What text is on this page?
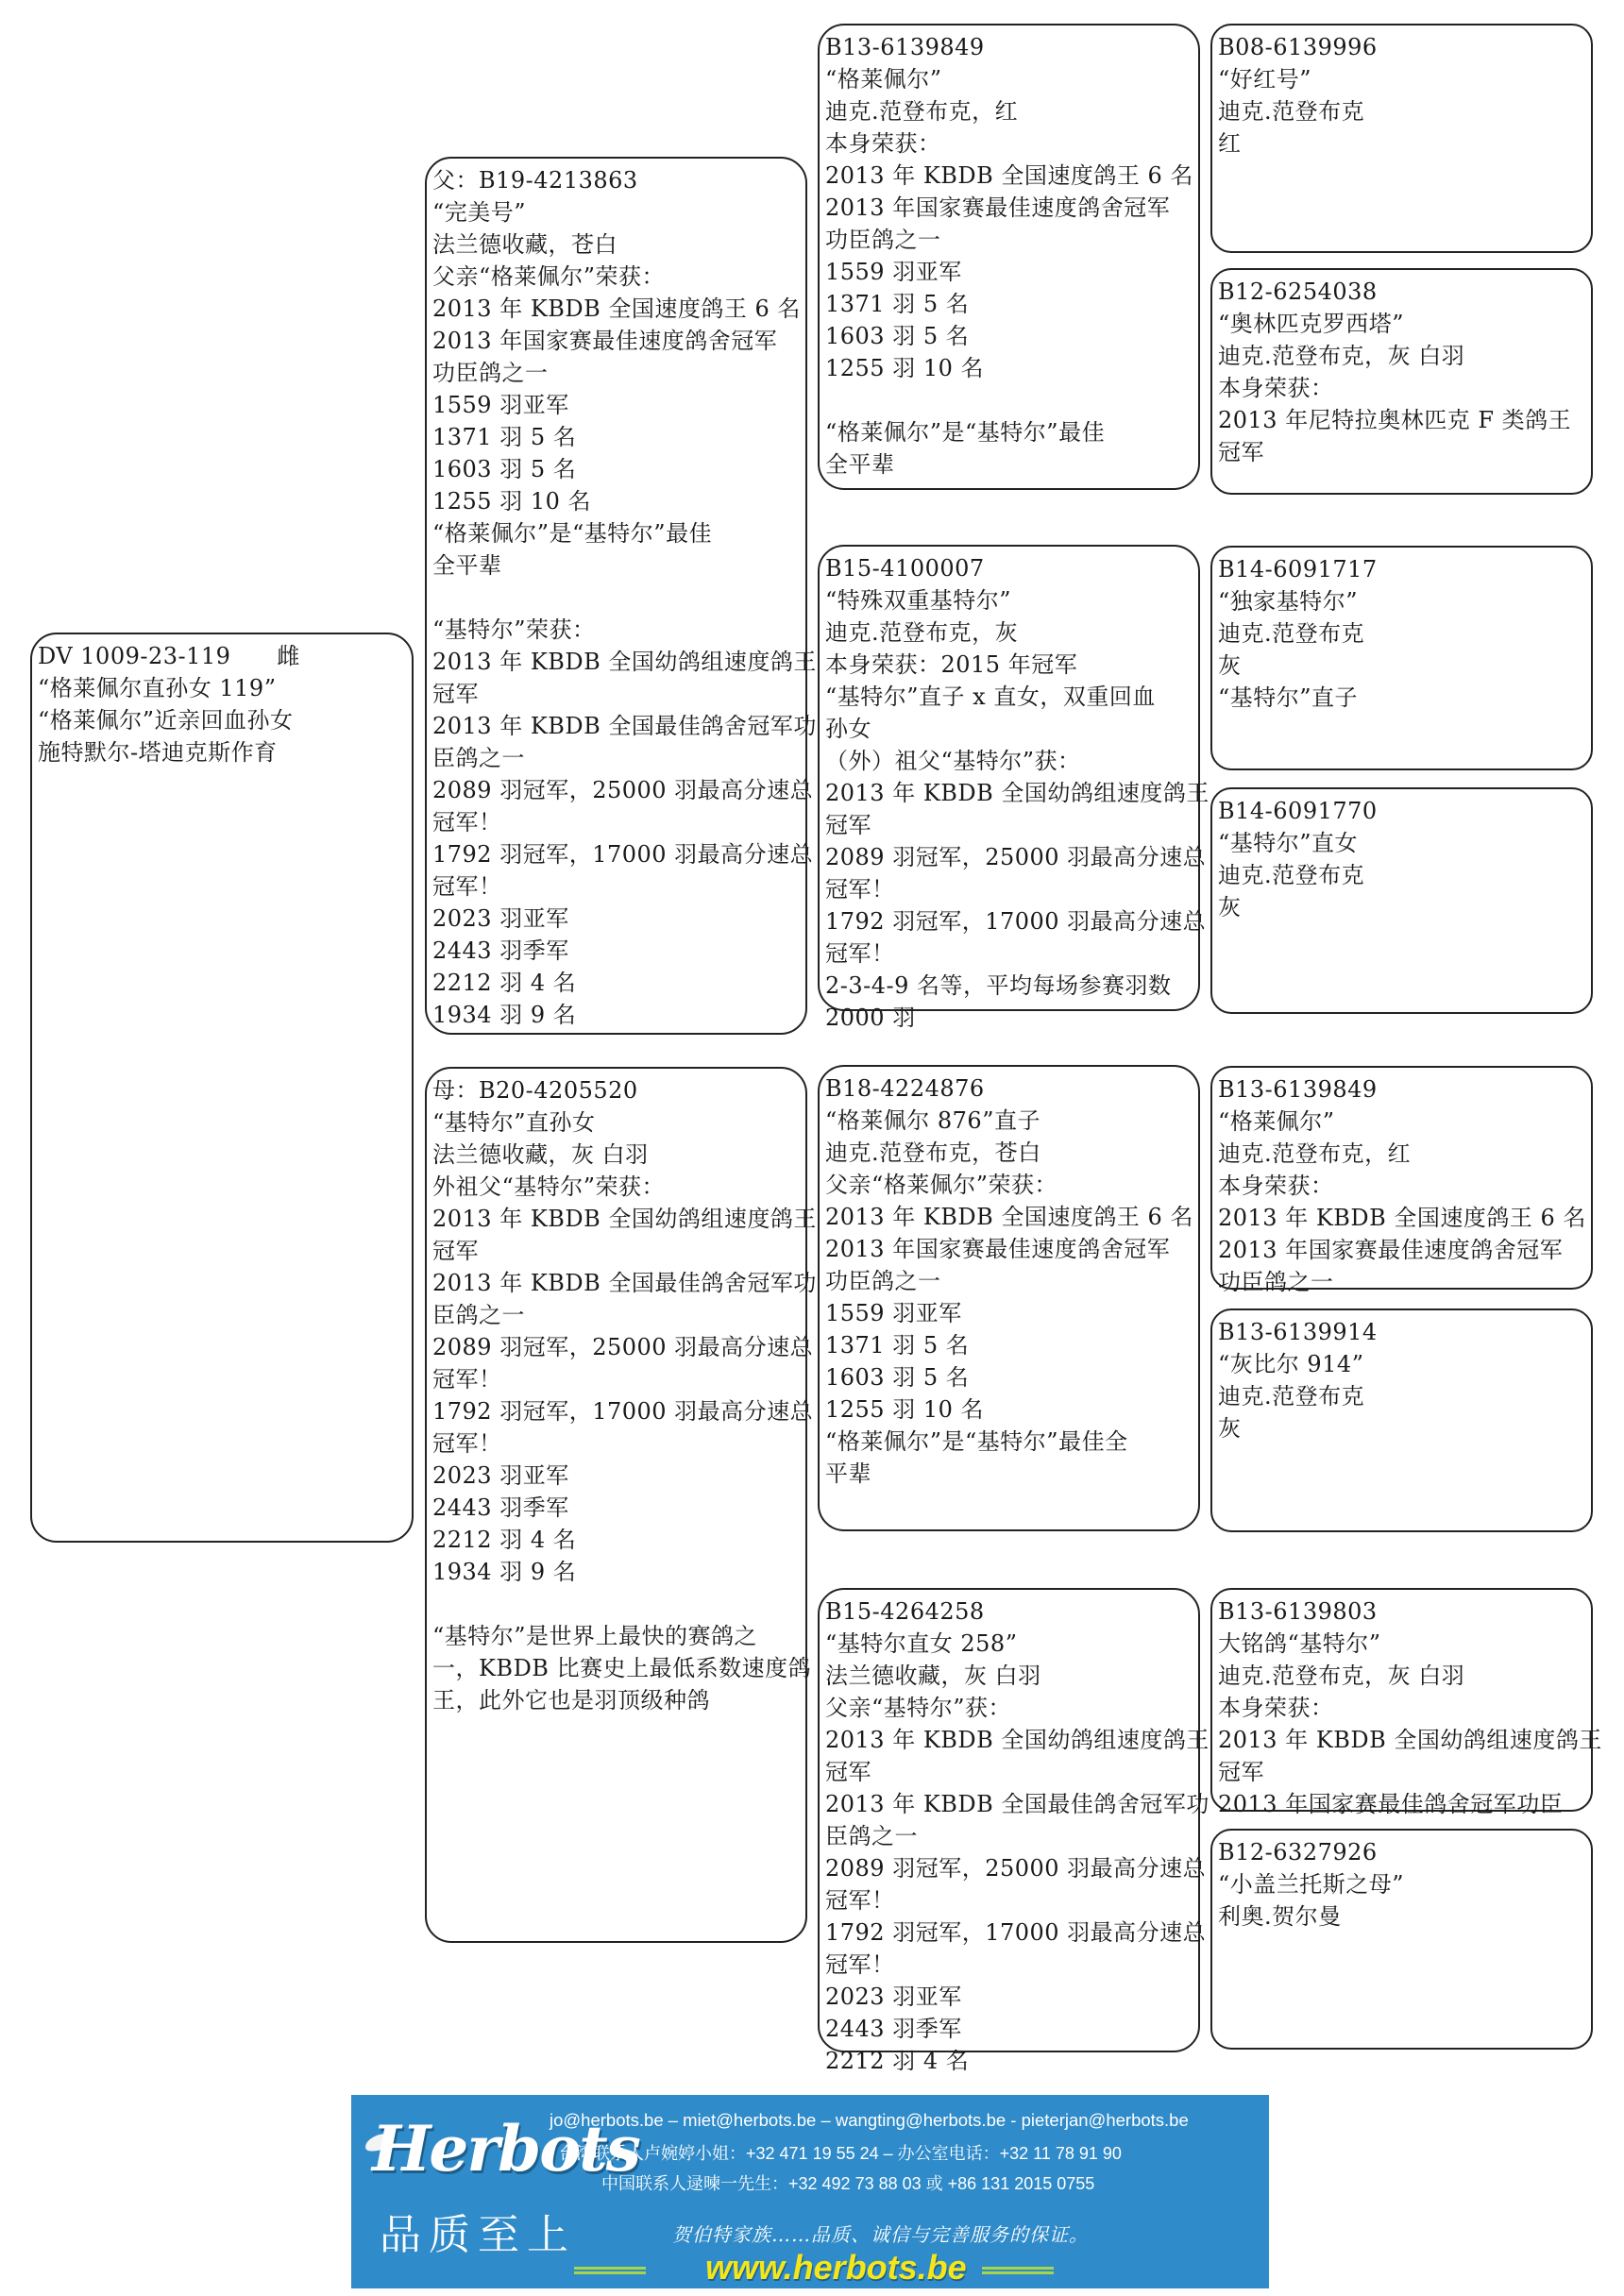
DV 1009-23-119      雌
“格莱佩尔直孙女 119”
“格莱佩尔”近亲回血孙女
施特默尔-塔迪克斯作育
父：B19-4213863
“完美号”
法兰德收藏，苍白
父亲“格莱佩尔”荣获：
2013 年 KBDB 全国速度鸽王 6 名
2013 年国家赛最佳速度鸽舍冠军
功臣鸽之一
1559 羽亚军
1371 羽 5 名
1603 羽 5 名
1255 羽 10 名
“格莱佩尔”是“基特尔”最佳
全平辈
“基特尔”荣获：
2013 年 KBDB 全国幼鸽组速度鸽王
冠军
2013 年 KBDB 全国最佳鸽舍冠军功
臣鸽之一
2089 羽冠军，25000 羽最高分速总
冠军！
1792 羽冠军，17000 羽最高分速总
冠军！
2023 羽亚军
2443 羽季军
2212 羽 4 名
1934 羽 9 名
母：B20-4205520
“基特尔”直孙女
法兰德收藏，灰 白羽
外祖父“基特尔”荣获：
2013 年 KBDB 全国幼鸽组速度鸽王
冠军
2013 年 KBDB 全国最佳鸽舍冠军功
臣鸽之一
2089 羽冠军，25000 羽最高分速总
冠军！
1792 羽冠军，17000 羽最高分速总
冠军！
2023 羽亚军
2443 羽季军
2212 羽 4 名
1934 羽 9 名
“基特尔”是世界上最快的赛鸽之
一，KBDB 比赛史上最低系数速度鸽
王，此外它也是羽顶级种鸽
B13-6139849
“格莱佩尔”
迪克.范登布克，红
本身荣获：
2013 年 KBDB 全国速度鸽王 6 名
2013 年国家赛最佳速度鸽舍冠军
功臣鸽之一
1559 羽亚军
1371 羽 5 名
1603 羽 5 名
1255 羽 10 名
“格莱佩尔”是“基特尔”最佳
全平辈
B15-4100007
“特殊双重基特尔”
迪克.范登布克，灰
本身荣获：2015 年冠军
“基特尔”直子 x 直女，双重回血
孙女
（外）祖父“基特尔”获：
2013 年 KBDB 全国幼鸽组速度鸽王
冠军
2089 羽冠军，25000 羽最高分速总
冠军！
1792 羽冠军，17000 羽最高分速总
冠军！
2-3-4-9 名等，平均每场参赛羽数
2000 羽
B18-4224876
“格莱佩尔 876”直子
迪克.范登布克，苍白
父亲“格莱佩尔”荣获：
2013 年 KBDB 全国速度鸽王 6 名
2013 年国家赛最佳速度鸽舍冠军
功臣鸽之一
1559 羽亚军
1371 羽 5 名
1603 羽 5 名
1255 羽 10 名
“格莱佩尔”是“基特尔”最佳全
平辈
B15-4264258
“基特尔直女 258”
法兰德收藏，灰 白羽
父亲“基特尔”获：
2013 年 KBDB 全国幼鸽组速度鸽王
冠军
2013 年 KBDB 全国最佳鸽舍冠军功
臣鸽之一
2089 羽冠军，25000 羽最高分速总
冠军！
1792 羽冠军，17000 羽最高分速总
冠军！
2023 羽亚军
2443 羽季军
2212 羽 4 名
B08-6139996
“好红号”
迪克.范登布克
红
B12-6254038
“奥林匹克罗西塔”
迪克.范登布克，灰 白羽
本身荣获：
2013 年尼特拉奥林匹克 F 类鸽王
冠军
B14-6091717
“独家基特尔”
迪克.范登布克
灰
“基特尔”直子
B14-6091770
“基特尔”直女
迪克.范登布克
灰
B13-6139849
“格莱佩尔”
迪克.范登布克，红
本身荣获：
2013 年 KBDB 全国速度鸽王 6 名
2013 年国家赛最佳速度鸽舍冠军
功臣鸽之一
B13-6139914
“灰比尔 914”
迪克.范登布克
灰
B13-6139803
大铭鸽“基特尔”
迪克.范登布克，灰 白羽
本身荣获：
2013 年 KBDB 全国幼鸽组速度鸽王
冠军
2013 年国家赛最佳鸽舍冠军功臣
B12-6327926
“小盖兰托斯之母”
利奥.贺尔曼
Herbots
品质至上
jo@herbots.be – miet@herbots.be – wangting@herbots.be - pieterjan@herbots.be
台湾联系人卢婉婷小姐：+32 471 19 55 24 – 办公室电话：+32 11 78 91 90
中国联系人逯暕一先生：+32 492 73 88 03 或 +86 131 2015 0755
贺伯特家族……品质、诚信与完善服务的保证。
www.herbots.be
